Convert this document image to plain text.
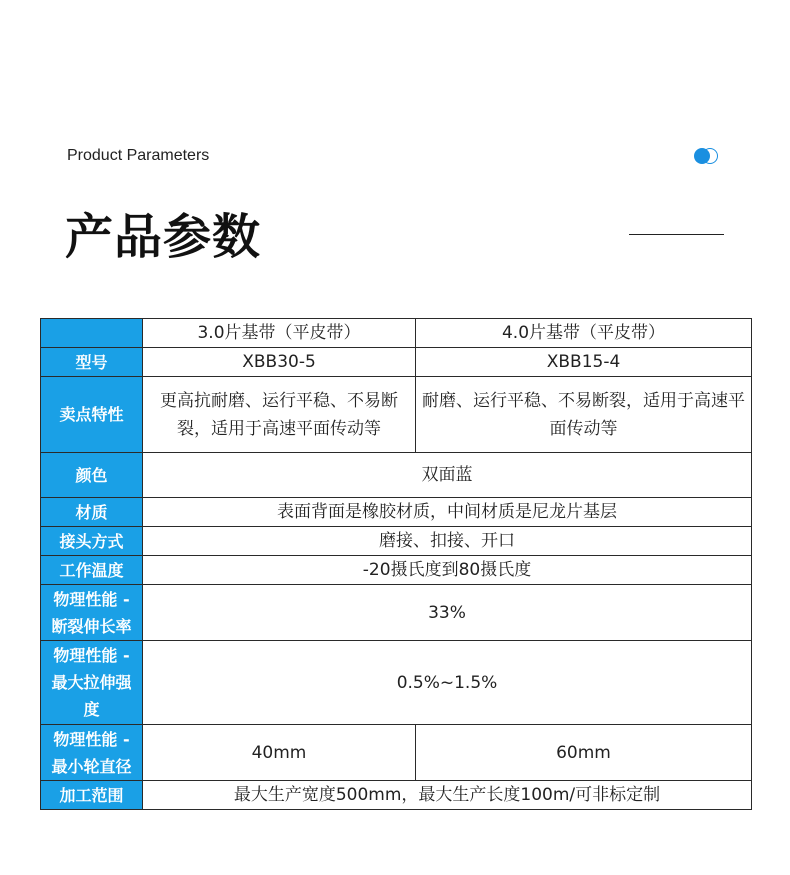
Product Parameters
产品参数
	3.0片基带（平皮带）	4.0片基带（平皮带）
型号	XBB30-5	XBB15-4
卖点特性	更高抗耐磨、运行平稳、不易断裂，适用于高速平面传动等	耐磨、运行平稳、不易断裂，适用于高速平面传动等
颜色	双面蓝	
材质	表面背面是橡胶材质，中间材质是尼龙片基层	
接头方式	磨接、扣接、开口	
工作温度	-20摄氏度到80摄氏度	
物理性能 - 断裂伸长率	33%	
物理性能 - 最大拉伸强度	0.5%~1.5%	
物理性能 - 最小轮直径	40mm	60mm
加工范围	最大生产宽度500mm，最大生产长度100m/可非标定制	
